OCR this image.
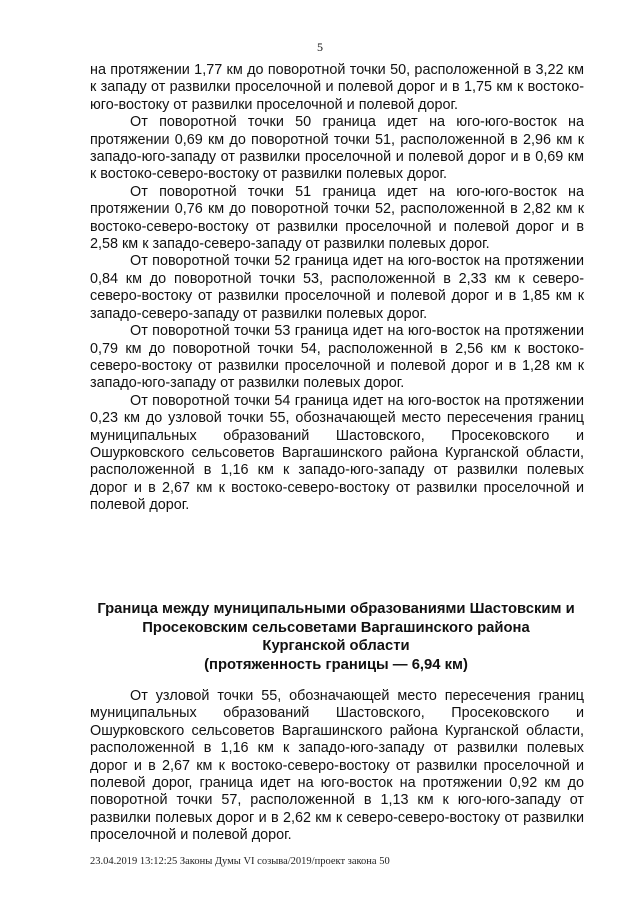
5

на протяжении 1,77 км до поворотной точки 50, расположенной в 3,22 км к западу от развилки проселочной и полевой дорог и в 1,75 км к востоко-юго-востоку от развилки проселочной и полевой дорог.

От поворотной точки 50 граница идет на юго-юго-восток на протяжении 0,69 км до поворотной точки 51, расположенной в 2,96 км к западо-юго-западу от развилки проселочной и полевой дорог и в 0,69 км к востоко-северо-востоку от развилки полевых дорог.

От поворотной точки 51 граница идет на юго-юго-восток на протяжении 0,76 км до поворотной точки 52, расположенной в 2,82 км к востоко-северо-востоку от развилки проселочной и полевой дорог и в 2,58 км к западо-северо-западу от развилки полевых дорог.

От поворотной точки 52 граница идет на юго-восток на протяжении 0,84 км до поворотной точки 53, расположенной в 2,33 км к северо-северо-востоку от развилки проселочной и полевой дорог и в 1,85 км к западо-северо-западу от развилки полевых дорог.

От поворотной точки 53 граница идет на юго-восток на протяжении 0,79 км до поворотной точки 54, расположенной в 2,56 км к востоко-северо-востоку от развилки проселочной и полевой дорог и в 1,28 км к западо-юго-западу от развилки полевых дорог.

От поворотной точки 54 граница идет на юго-восток на протяжении 0,23 км до узловой точки 55, обозначающей место пересечения границ муниципальных образований Шастовского, Просековского и Ошурковского сельсоветов Варгашинского района Курганской области, расположенной в 1,16 км к западо-юго-западу от развилки полевых дорог и в 2,67 км к востоко-северо-востоку от развилки проселочной и полевой дорог.

Граница между муниципальными образованиями Шастовским и
Просековским сельсоветами Варгашинского района
Курганской области
(протяженность границы — 6,94 км)

От узловой точки 55, обозначающей место пересечения границ муниципальных образований Шастовского, Просековского и Ошурковского сельсоветов Варгашинского района Курганской области, расположенной в 1,16 км к западо-юго-западу от развилки полевых дорог и в 2,67 км к востоко-северо-востоку от развилки проселочной и полевой дорог, граница идет на юго-восток на протяжении 0,92 км до поворотной точки 57, расположенной в 1,13 км к юго-юго-западу от развилки полевых дорог и в 2,62 км к северо-северо-востоку от развилки проселочной и полевой дорог.

23.04.2019 13:12:25 Законы Думы VI созыва/2019/проект закона 50
